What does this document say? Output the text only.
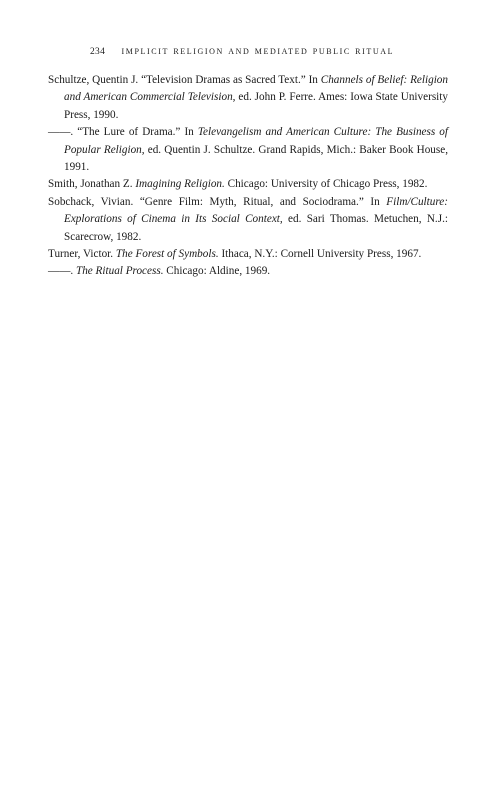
234 implicit religion and mediated public ritual

Schultze, Quentin J. “Television Dramas as Sacred Text.” In Channels of Belief: Religion and American Commercial Television, ed. John P. Ferre. Ames: Iowa State University Press, 1990.

——. “The Lure of Drama.” In Televangelism and American Culture: The Business of Popular Religion, ed. Quentin J. Schultze. Grand Rapids, Mich.: Baker Book House, 1991.

Smith, Jonathan Z. Imagining Religion. Chicago: University of Chicago Press, 1982.

Sobchack, Vivian. “Genre Film: Myth, Ritual, and Sociodrama.” In Film/Culture: Explorations of Cinema in Its Social Context, ed. Sari Thomas. Metuchen, N.J.: Scarecrow, 1982.

Turner, Victor. The Forest of Symbols. Ithaca, N.Y.: Cornell University Press, 1967.

——. The Ritual Process. Chicago: Aldine, 1969.
